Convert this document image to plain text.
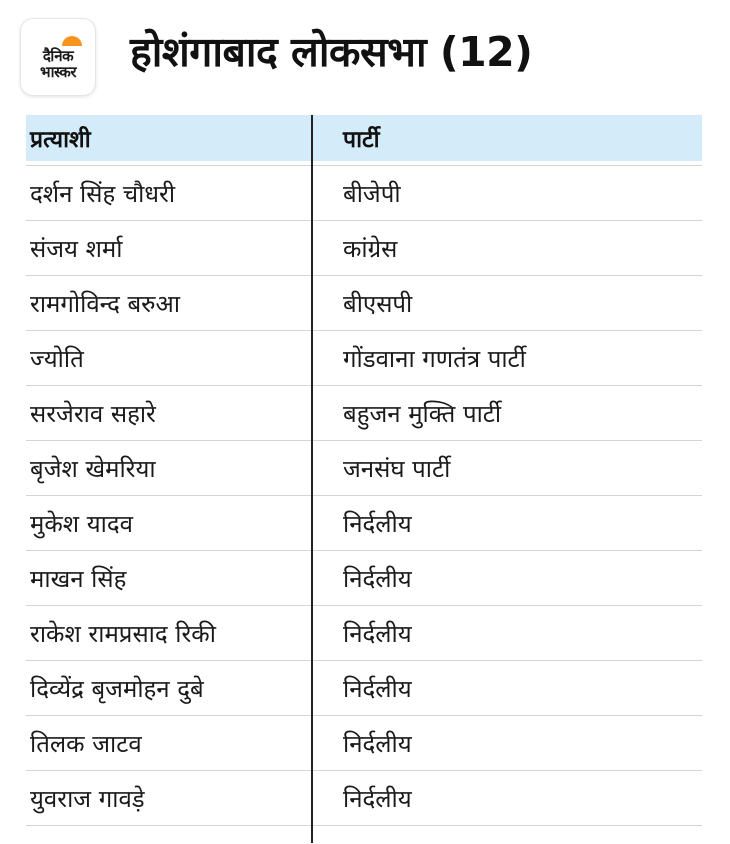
दैनिक
भास्कर होशंगाबाद लोकसभा (12)
प्रत्याशी	पार्टी
दर्शन सिंह चौधरी	बीजेपी
संजय शर्मा	कांग्रेस
रामगोविन्द बरुआ	बीएसपी
ज्योति	गोंडवाना गणतंत्र पार्टी
सरजेराव सहारे	बहुजन मुक्ति पार्टी
बृजेश खेमरिया	जनसंघ पार्टी
मुकेश यादव	निर्दलीय
माखन सिंह	निर्दलीय
राकेश रामप्रसाद रिकी	निर्दलीय
दिव्येंद्र बृजमोहन दुबे	निर्दलीय
तिलक जाटव	निर्दलीय
युवराज गावड़े	निर्दलीय
